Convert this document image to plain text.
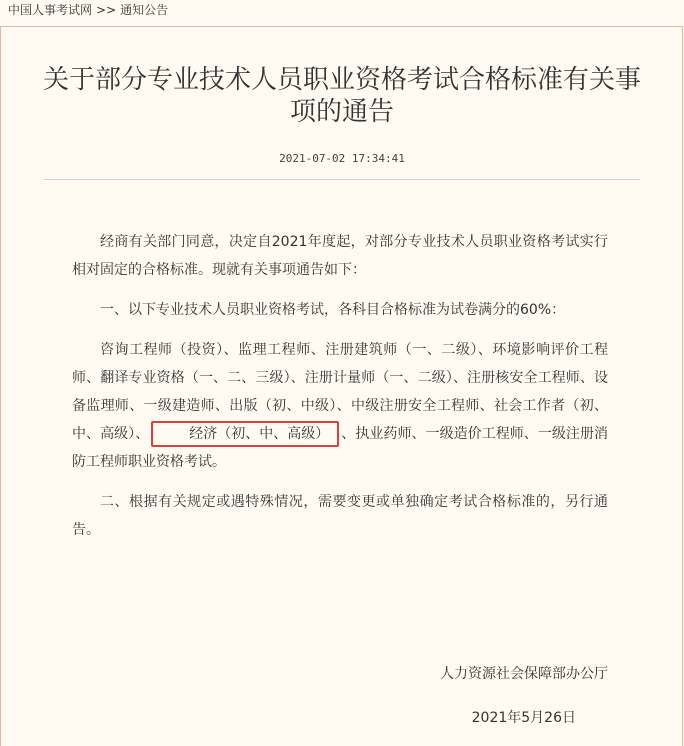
中国人事考试网 >> 通知公告
关于部分专业技术人员职业资格考试合格标准有关事项的通告
2021-07-02 17:34:41

经商有关部门同意，决定自2021年度起，对部分专业技术人员职业资格考试实行相对固定的合格标准。现就有关事项通告如下：

一、以下专业技术人员职业资格考试，各科目合格标准为试卷满分的60%：

咨询工程师（投资）、监理工程师、注册建筑师（一、二级）、环境影响评价工程师、翻译专业资格（一、二、三级）、注册计量师（一、二级）、注册核安全工程师、设备监理师、一级建造师、出版（初、中级）、中级注册安全工程师、社会工作者（初、中、高级）、	经济（初、中、高级） 、执业药师、一级造价工程师、一级注册消防工程师职业资格考试。

二、根据有关规定或遇特殊情况，需要变更或单独确定考试合格标准的，另行通告。

人力资源社会保障部办公厅
2021年5月26日
